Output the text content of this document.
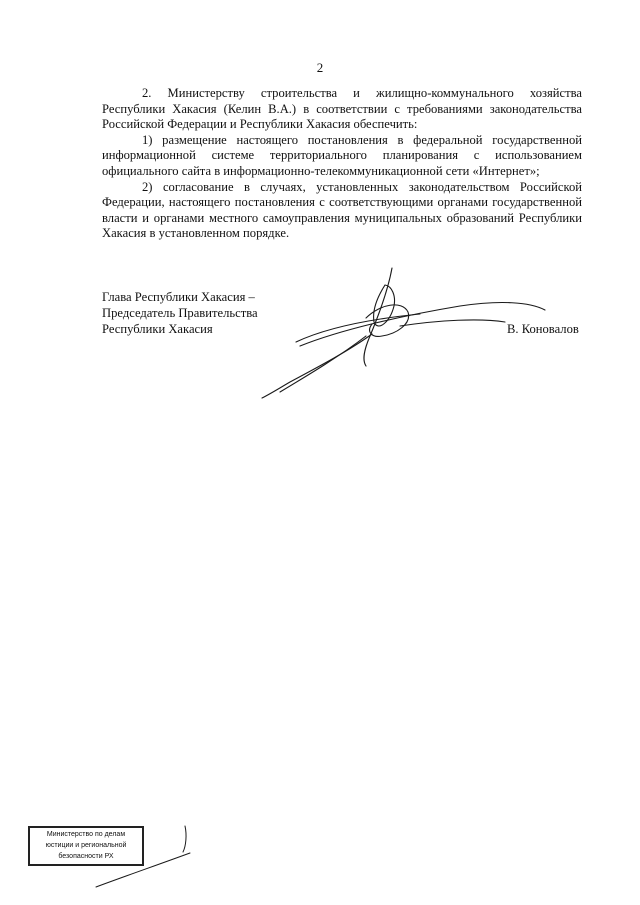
2

2. Министерству строительства и жилищно-коммунального хозяйства Республики Хакасия (Келин В.А.) в соответствии с требованиями законодательства Российской Федерации и Республики Хакасия обеспечить:

1) размещение настоящего постановления в федеральной государственной информационной системе территориального планирования с использованием официального сайта в информационно-телекоммуникационной сети «Интернет»;

2) согласование в случаях, установленных законодательством Российской Федерации, настоящего постановления с соответствующими органами государственной власти и органами местного самоуправления муниципальных образований Республики Хакасия в установленном порядке.

Глава Республики Хакасия –
Председатель Правительства
Республики Хакасия	В. Коновалов
Министерство по делам
юстиции и региональной
безопасности РХ
